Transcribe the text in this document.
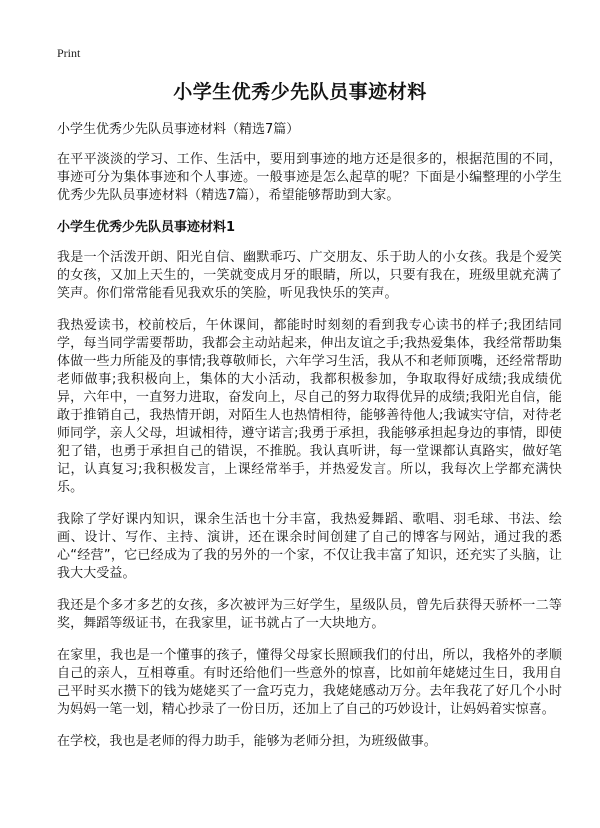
Print
小学生优秀少先队员事迹材料
小学生优秀少先队员事迹材料（精选7篇）

在平平淡淡的学习、工作、生活中，要用到事迹的地方还是很多的，根据范围的不同，事迹可分为集体事迹和个人事迹。一般事迹是怎么起草的呢？下面是小编整理的小学生优秀少先队员事迹材料（精选7篇），希望能够帮助到大家。

小学生优秀少先队员事迹材料1

我是一个活泼开朗、阳光自信、幽默乖巧、广交朋友、乐于助人的小女孩。我是个爱笑的女孩，又加上天生的，一笑就变成月牙的眼睛，所以，只要有我在，班级里就充满了笑声。你们常常能看见我欢乐的笑脸，听见我快乐的笑声。

我热爱读书，校前校后，午休课间，都能时时刻刻的看到我专心读书的样子;我团结同学，每当同学需要帮助，我都会主动站起来，伸出友谊之手;我热爱集体，我经常帮助集体做一些力所能及的事情;我尊敬师长，六年学习生活，我从不和老师顶嘴，还经常帮助老师做事;我积极向上，集体的大小活动，我都积极参加，争取取得好成绩;我成绩优异，六年中，一直努力进取，奋发向上，尽自己的努力取得优异的成绩;我阳光自信，能敢于推销自己，我热情开朗，对陌生人也热情相待，能够善待他人;我诚实守信，对待老师同学，亲人父母，坦诚相待，遵守诺言;我勇于承担，我能够承担起身边的事情，即使犯了错，也勇于承担自己的错误，不推脱。我认真听讲，每一堂课都认真路实，做好笔记，认真复习;我积极发言，上课经常举手，并热爱发言。所以，我每次上学都充满快乐。

我除了学好课内知识，课余生活也十分丰富，我热爱舞蹈、歌唱、羽毛球、书法、绘画、设计、写作、主持、演讲，还在课余时间创建了自己的博客与网站，通过我的悉心“经营”，它已经成为了我的另外的一个家，不仅让我丰富了知识，还充实了头脑，让我大大受益。

我还是个多才多艺的女孩，多次被评为三好学生，星级队员，曾先后获得天骄杯一二等奖，舞蹈等级证书，在我家里，证书就占了一大块地方。

在家里，我也是一个懂事的孩子，懂得父母家长照顾我们的付出，所以，我格外的孝顺自己的亲人，互相尊重。有时还给他们一些意外的惊喜，比如前年姥姥过生日，我用自己平时买水攒下的钱为姥姥买了一盒巧克力，我姥姥感动万分。去年我花了好几个小时为妈妈一笔一划，精心抄录了一份日历，还加上了自己的巧妙设计，让妈妈着实惊喜。

在学校，我也是老师的得力助手，能够为老师分担，为班级做事。
